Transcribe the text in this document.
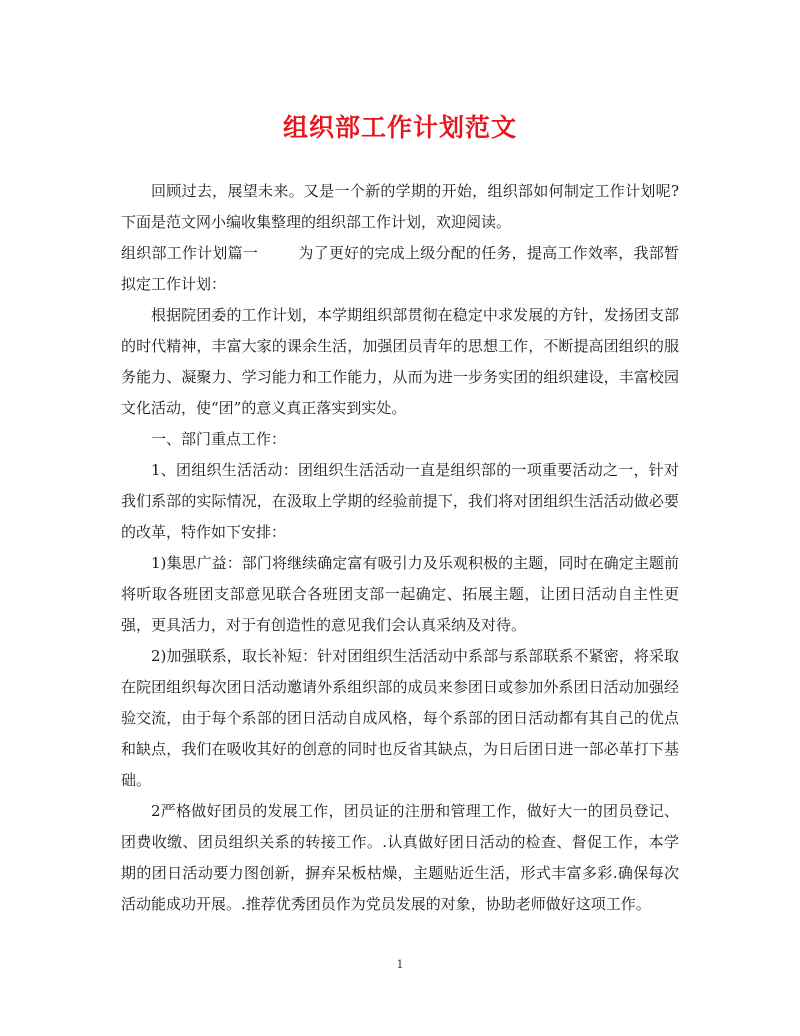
组织部工作计划范文

回顾过去，展望未来。又是一个新的学期的开始，组织部如何制定工作计划呢?下面是范文网小编收集整理的组织部工作计划，欢迎阅读。

组织部工作计划篇一	为了更好的完成上级分配的任务，提高工作效率，我部暂拟定工作计划：

根据院团委的工作计划，本学期组织部贯彻在稳定中求发展的方针，发扬团支部的时代精神，丰富大家的课余生活，加强团员青年的思想工作，不断提高团组织的服务能力、凝聚力、学习能力和工作能力，从而为进一步务实团的组织建设，丰富校园文化活动，使“团”的意义真正落实到实处。

一、部门重点工作：

1、团组织生活活动：团组织生活活动一直是组织部的一项重要活动之一，针对我们系部的实际情况，在汲取上学期的经验前提下，我们将对团组织生活活动做必要的改革，特作如下安排：

1)集思广益：部门将继续确定富有吸引力及乐观积极的主题，同时在确定主题前将听取各班团支部意见联合各班团支部一起确定、拓展主题，让团日活动自主性更强，更具活力，对于有创造性的意见我们会认真采纳及对待。

2)加强联系，取长补短：针对团组织生活活动中系部与系部联系不紧密，将采取在院团组织每次团日活动邀请外系组织部的成员来参团日或参加外系团日活动加强经验交流，由于每个系部的团日活动自成风格，每个系部的团日活动都有其自己的优点和缺点，我们在吸收其好的创意的同时也反省其缺点，为日后团日进一部必革打下基础。

2严格做好团员的发展工作，团员证的注册和管理工作，做好大一的团员登记、团费收缴、团员组织关系的转接工作。.认真做好团日活动的检查、督促工作，本学期的团日活动要力图创新，摒弃呆板枯燥，主题贴近生活，形式丰富多彩.确保每次活动能成功开展。.推荐优秀团员作为党员发展的对象，协助老师做好这项工作。

1
